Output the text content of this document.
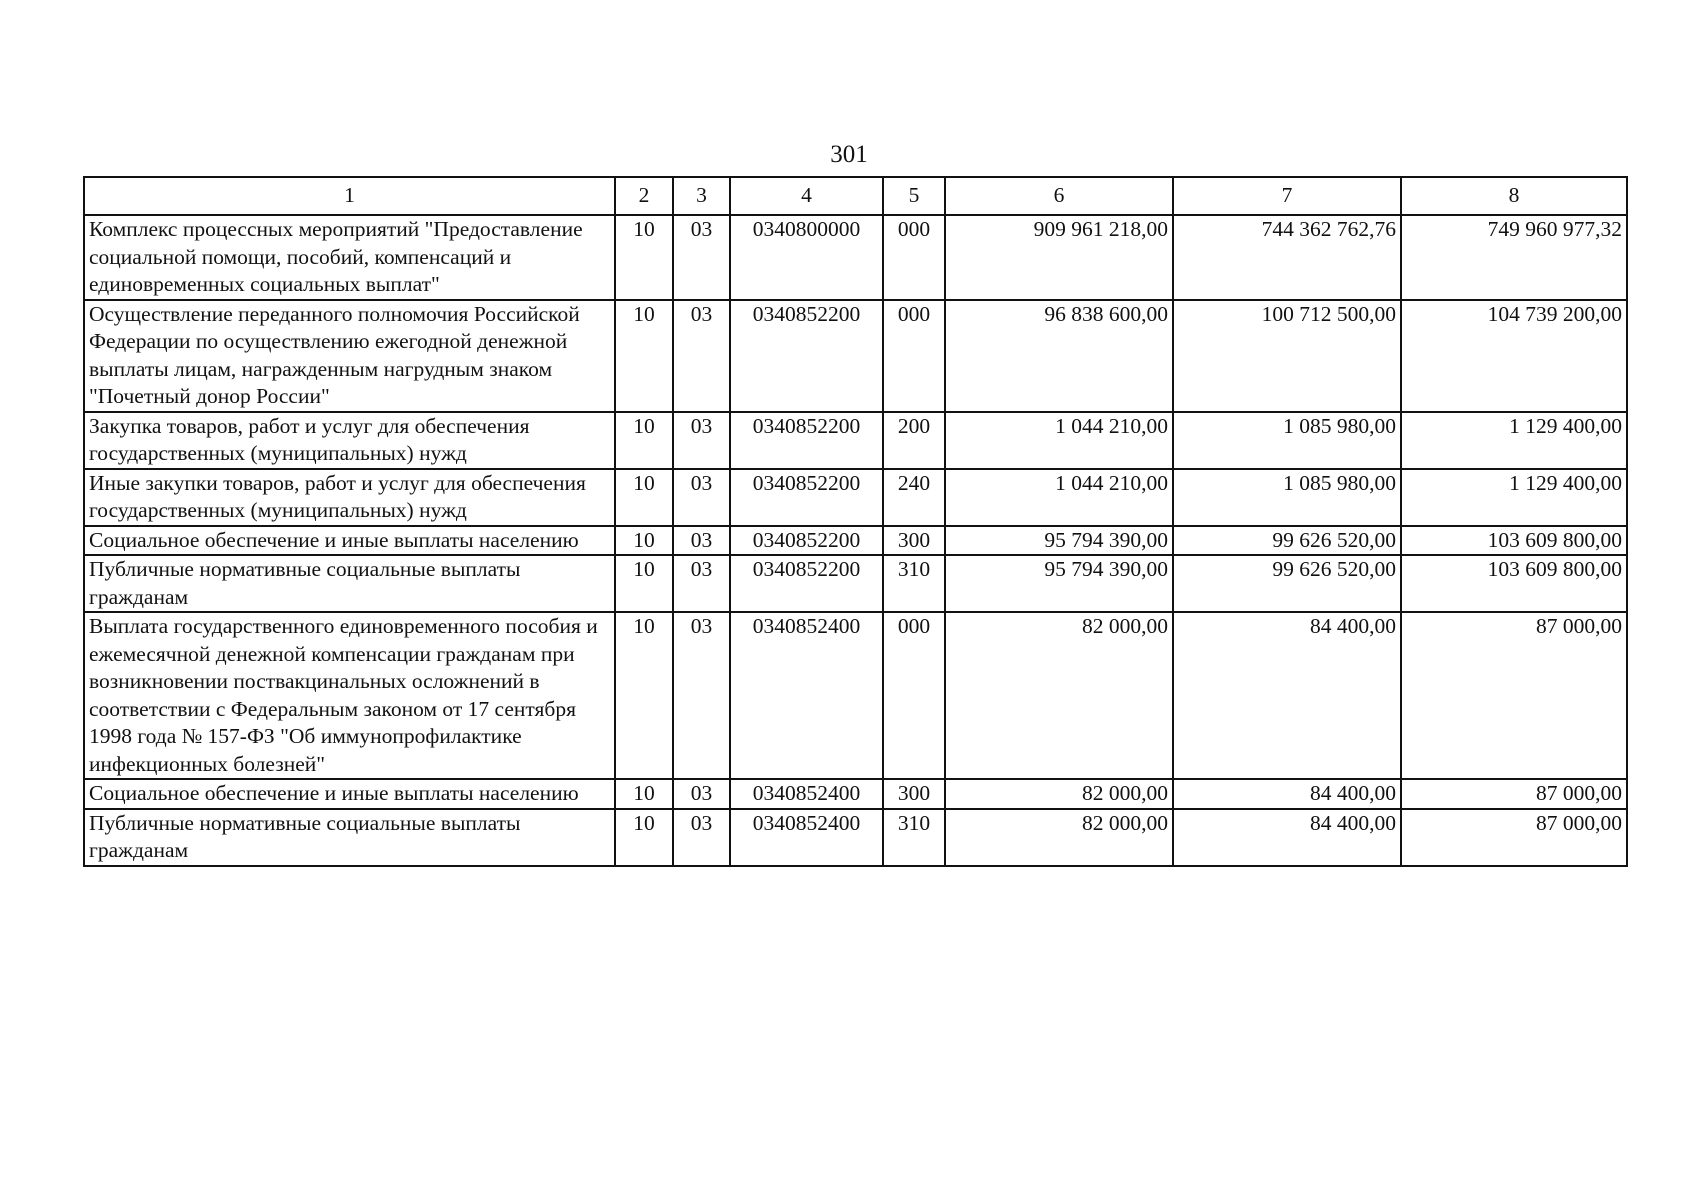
301
1	2	3	4	5	6	7	8
Комплекс процессных мероприятий "Предоставление социальной помощи, пособий, компенсаций и единовременных социальных выплат"	10	03	0340800000	000	909 961 218,00	744 362 762,76	749 960 977,32
Осуществление переданного полномочия Российской Федерации по осуществлению ежегодной денежной выплаты лицам, награжденным нагрудным знаком "Почетный донор России"	10	03	0340852200	000	96 838 600,00	100 712 500,00	104 739 200,00
Закупка товаров, работ и услуг для обеспечения государственных (муниципальных) нужд	10	03	0340852200	200	1 044 210,00	1 085 980,00	1 129 400,00
Иные закупки товаров, работ и услуг для обеспечения государственных (муниципальных) нужд	10	03	0340852200	240	1 044 210,00	1 085 980,00	1 129 400,00
Социальное обеспечение и иные выплаты населению	10	03	0340852200	300	95 794 390,00	99 626 520,00	103 609 800,00
Публичные нормативные социальные выплаты гражданам	10	03	0340852200	310	95 794 390,00	99 626 520,00	103 609 800,00
Выплата государственного единовременного пособия и ежемесячной денежной компенсации гражданам при возникновении поствакцинальных осложнений в соответствии с Федеральным законом от 17 сентября 1998 года № 157-ФЗ "Об иммунопрофилактике инфекционных болезней"	10	03	0340852400	000	82 000,00	84 400,00	87 000,00
Социальное обеспечение и иные выплаты населению	10	03	0340852400	300	82 000,00	84 400,00	87 000,00
Публичные нормативные социальные выплаты гражданам	10	03	0340852400	310	82 000,00	84 400,00	87 000,00
